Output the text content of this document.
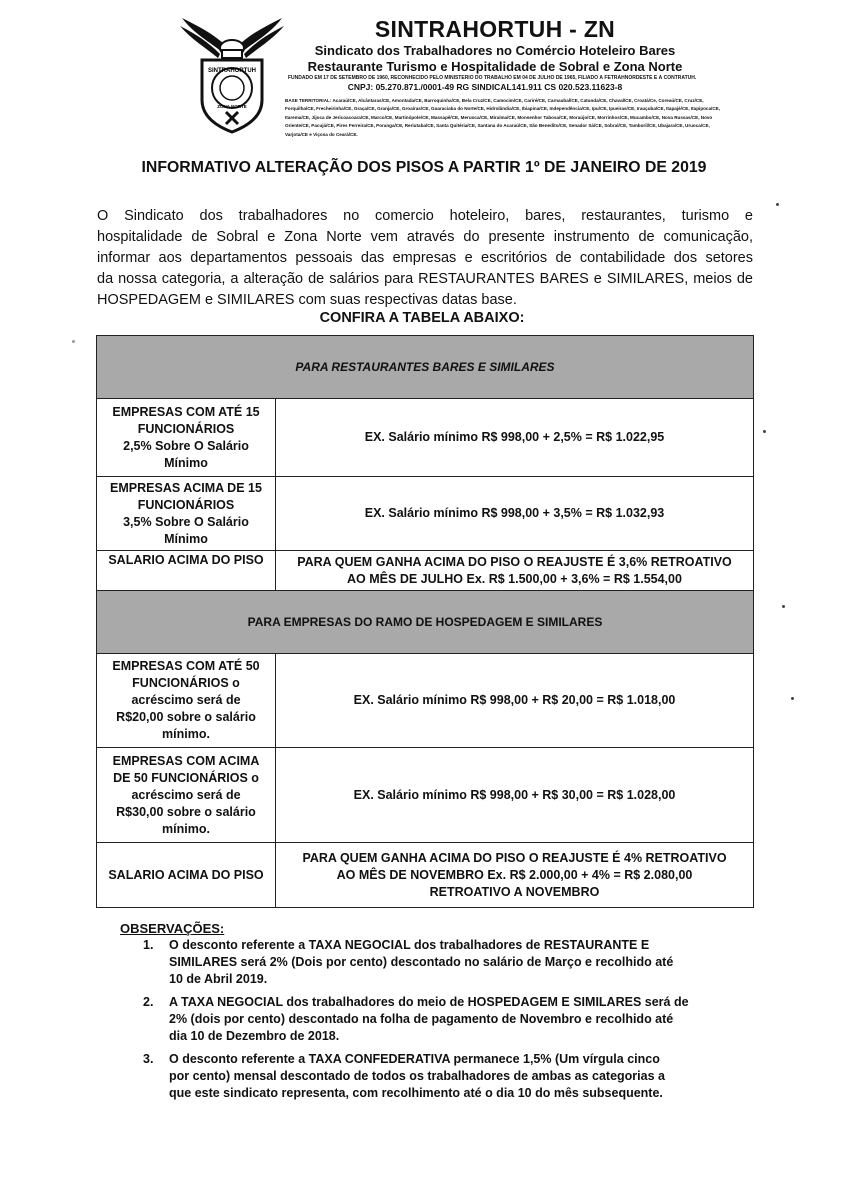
SINTRAHORTUH
ZONA NORTE
SINTRAHORTUH - ZN
Sindicato dos Trabalhadores no Comércio Hoteleiro Bares
Restaurante Turismo e Hospitalidade de Sobral e Zona Norte
FUNDADO EM 17 DE SETEMBRO DE 1960, RECONHECIDO PELO MINISTÉRIO DO TRABALHO EM 04 DE JULHO DE 1965, FILIADO À FETRAHNORDESTE E À CONTRATUH.
CNPJ: 05.270.871./0001-49 RG SINDICAL141.911 CS 020.523.11623-8
BASE TERRITORIAL: Acaraú/CE, Alcântaras/CE, Amontada/CE, Barroquinha/CE, Bela Cruz/CE, Camocim/CE, Cariré/CE, Carnaubal/CE, Catunda/CE, Chaval/CE, Croatá/Ce, Coreaú/CE, Cruz/CE, Forquilha/CE, Frecheirinha/CE, Graça/CE, Granja/CE, Groaíras/CE, Guaraciaba do Norte/CE, Hidrolândia/CE, Ibiapina/CE, Independência/CE, Ipu/CE, Ipueiras/CE, Irauçuba/CE, Itapajé/CE, Itapipoca/CE, Itarema/CE, Jijoca de Jericoacoara/CE, Marco/CE, Martinópole/CE, Massapê/CE, Meruoca/CE, Miraíma/CE, Monsenhor Tabosa/CE, Moraújo/CE, Morrinhos/CE, Mucambo/CE, Nova Russas/CE, Novo Oriente/CE, Pacujá/CE, Pires Ferreira/CE, Poranga/CE, Reriutaba/CE, Santa Quitéria/CE, Santana do Acaraú/CE, São Benedito/CE, Senador Sá/CE, Sobral/CE, Tamboril/CE, Ubajara/CE, Uruoca/CE, Varjota/CE e Viçosa do Ceará/CE.
INFORMATIVO ALTERAÇÃO DOS PISOS A PARTIR 1º DE JANEIRO DE 2019
O Sindicato dos trabalhadores no comercio hoteleiro, bares, restaurantes, turismo e
hospitalidade de Sobral e Zona Norte vem através do presente instrumento de comunicação,
informar aos departamentos pessoais das empresas e escritórios de contabilidade dos setores
da nossa categoria, a alteração de salários para RESTAURANTES BARES e SIMILARES, meios de
HOSPEDAGEM e SIMILARES com suas respectivas datas base.
CONFIRA A TABELA ABAIXO:
PARA RESTAURANTES BARES E SIMILARES
EMPRESAS COM ATÉ 15
FUNCIONÁRIOS
2,5% Sobre O Salário
Mínimo
EX. Salário mínimo R$ 998,00 + 2,5% = R$ 1.022,95
EMPRESAS ACIMA DE 15
FUNCIONÁRIOS
3,5% Sobre O Salário
Mínimo
EX. Salário mínimo R$ 998,00 + 3,5% = R$ 1.032,93
SALARIO ACIMA DO PISO	PARA QUEM GANHA ACIMA DO PISO O REAJUSTE É 3,6% RETROATIVO
AO MÊS DE JULHO Ex. R$ 1.500,00 + 3,6% = R$ 1.554,00
PARA EMPRESAS DO RAMO DE HOSPEDAGEM E SIMILARES
EMPRESAS COM ATÉ 50
FUNCIONÁRIOS o
acréscimo será de
R$20,00 sobre o salário
mínimo.
EX. Salário mínimo R$ 998,00 + R$ 20,00 = R$ 1.018,00
EMPRESAS COM ACIMA
DE 50 FUNCIONÁRIOS o
acréscimo será de
R$30,00 sobre o salário
mínimo.
EX. Salário mínimo R$ 998,00 + R$ 30,00 = R$ 1.028,00
SALARIO ACIMA DO PISO
PARA QUEM GANHA ACIMA DO PISO O REAJUSTE É 4% RETROATIVO
AO MÊS DE NOVEMBRO Ex. R$ 2.000,00 + 4% = R$ 2.080,00
RETROATIVO A NOVEMBRO
OBSERVAÇÕES:
1. O desconto referente a TAXA NEGOCIAL dos trabalhadores de RESTAURANTE E
SIMILARES será 2% (Dois por cento) descontado no salário de Março e recolhido até
10 de Abril 2019.
2. A TAXA NEGOCIAL dos trabalhadores do meio de HOSPEDAGEM E SIMILARES será de
2% (dois por cento) descontado na folha de pagamento de Novembro e recolhido até
dia 10 de Dezembro de 2018.
3. O desconto referente a TAXA CONFEDERATIVA permanece 1,5% (Um vírgula cinco
por cento) mensal descontado de todos os trabalhadores de ambas as categorias a
que este sindicato representa, com recolhimento até o dia 10 do mês subsequente.
